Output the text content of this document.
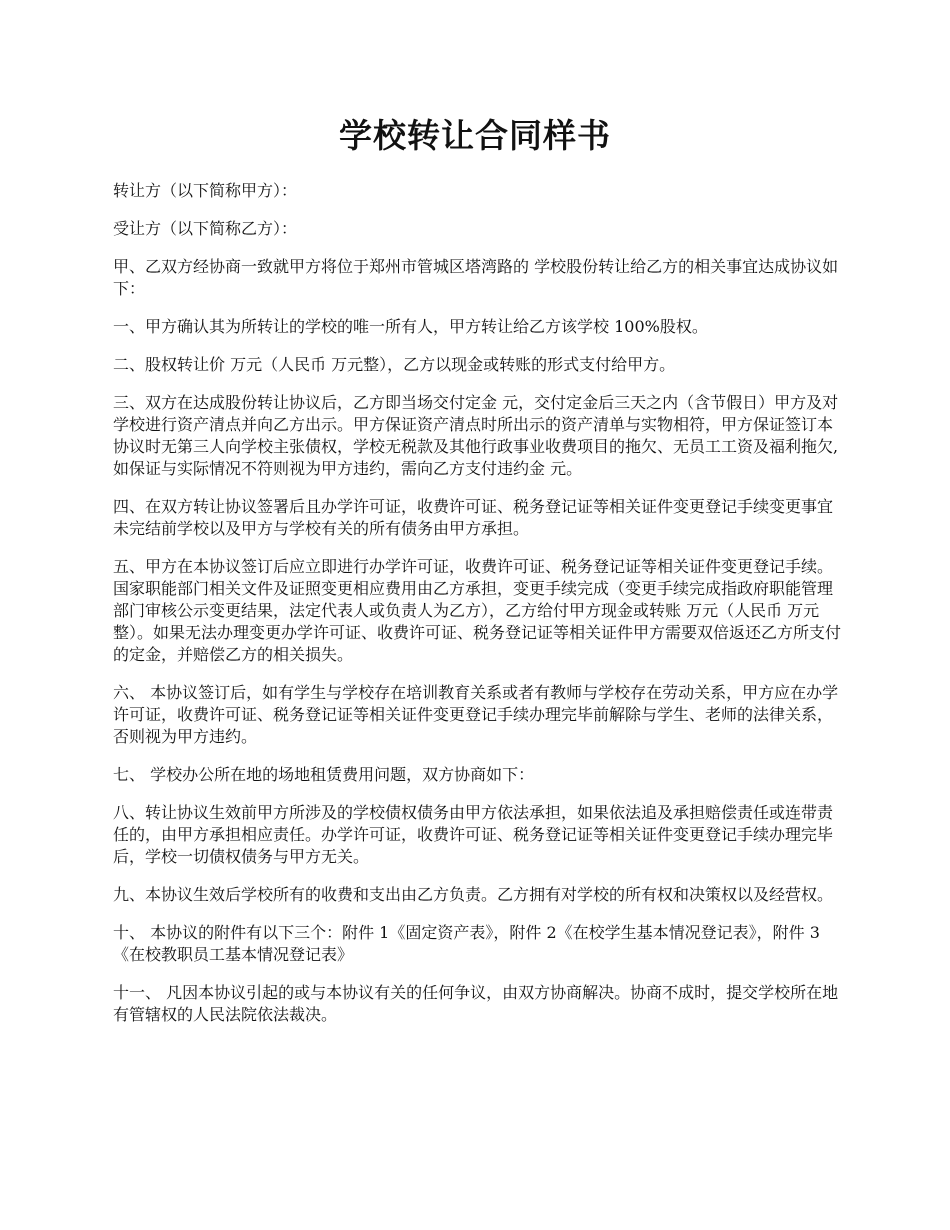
学校转让合同样书

转让方（以下简称甲方）：

受让方（以下简称乙方）：

甲、乙双方经协商一致就甲方将位于郑州市管城区塔湾路的 学校股份转让给乙方的相关事宜达成协议如下：

一、甲方确认其为所转让的学校的唯一所有人，甲方转让给乙方该学校 100%股权。

二、股权转让价 万元（人民币 万元整），乙方以现金或转账的形式支付给甲方。

三、双方在达成股份转让协议后，乙方即当场交付定金 元，交付定金后三天之内（含节假日）甲方及对学校进行资产清点并向乙方出示。甲方保证资产清点时所出示的资产清单与实物相符，甲方保证签订本协议时无第三人向学校主张债权，学校无税款及其他行政事业收费项目的拖欠、无员工工资及福利拖欠,如保证与实际情况不符则视为甲方违约，需向乙方支付违约金 元。

四、在双方转让协议签署后且办学许可证，收费许可证、税务登记证等相关证件变更登记手续变更事宜未完结前学校以及甲方与学校有关的所有债务由甲方承担。

五、甲方在本协议签订后应立即进行办学许可证，收费许可证、税务登记证等相关证件变更登记手续。国家职能部门相关文件及证照变更相应费用由乙方承担，变更手续完成（变更手续完成指政府职能管理部门审核公示变更结果，法定代表人或负责人为乙方），乙方给付甲方现金或转账 万元（人民币 万元整）。如果无法办理变更办学许可证、收费许可证、税务登记证等相关证件甲方需要双倍返还乙方所支付的定金，并赔偿乙方的相关损失。

六、 本协议签订后，如有学生与学校存在培训教育关系或者有教师与学校存在劳动关系，甲方应在办学许可证，收费许可证、税务登记证等相关证件变更登记手续办理完毕前解除与学生、老师的法律关系，否则视为甲方违约。

七、 学校办公所在地的场地租赁费用问题，双方协商如下：

八、转让协议生效前甲方所涉及的学校债权债务由甲方依法承担，如果依法追及承担赔偿责任或连带责任的，由甲方承担相应责任。办学许可证，收费许可证、税务登记证等相关证件变更登记手续办理完毕后，学校一切债权债务与甲方无关。

九、本协议生效后学校所有的收费和支出由乙方负责。乙方拥有对学校的所有权和决策权以及经营权。

十、 本协议的附件有以下三个：附件 1《固定资产表》，附件 2《在校学生基本情况登记表》，附件 3《在校教职员工基本情况登记表》

十一、 凡因本协议引起的或与本协议有关的任何争议，由双方协商解决。协商不成时，提交学校所在地有管辖权的人民法院依法裁决。
